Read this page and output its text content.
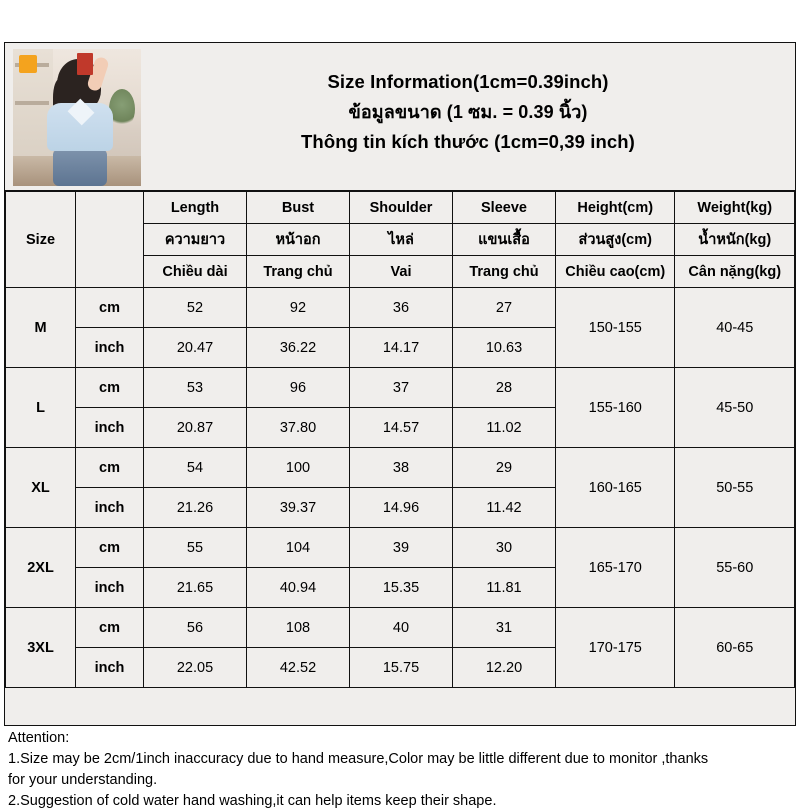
Size Information(1cm=0.39inch)
ข้อมูลขนาด (1 ซม. = 0.39 นิ้ว)
Thông tin kích thước (1cm=0,39 inch)
Size		Length	Bust	Shoulder	Sleeve	Height(cm)	Weight(kg)
		ความยาว	หน้าอก	ไหล่	แขนเสื้อ	ส่วนสูง(cm)	น้ำหนัก(kg)
		Chiều dài	Trang chủ	Vai	Trang chủ	Chiều cao(cm)	Cân nặng(kg)
M	cm	52	92	36	27	150-155	40-45
	inch	20.47	36.22	14.17	10.63		
L	cm	53	96	37	28	155-160	45-50
	inch	20.87	37.80	14.57	11.02		
XL	cm	54	100	38	29	160-165	50-55
	inch	21.26	39.37	14.96	11.42		
2XL	cm	55	104	39	30	165-170	55-60
	inch	21.65	40.94	15.35	11.81		
3XL	cm	56	108	40	31	170-175	60-65
	inch	22.05	42.52	15.75	12.20		

Attention:

1.Size may be 2cm/1inch inaccuracy due to hand measure,Color may be little different due to monitor ,thanks

for your understanding.

2.Suggestion of cold water hand washing,it can help items keep their shape.
